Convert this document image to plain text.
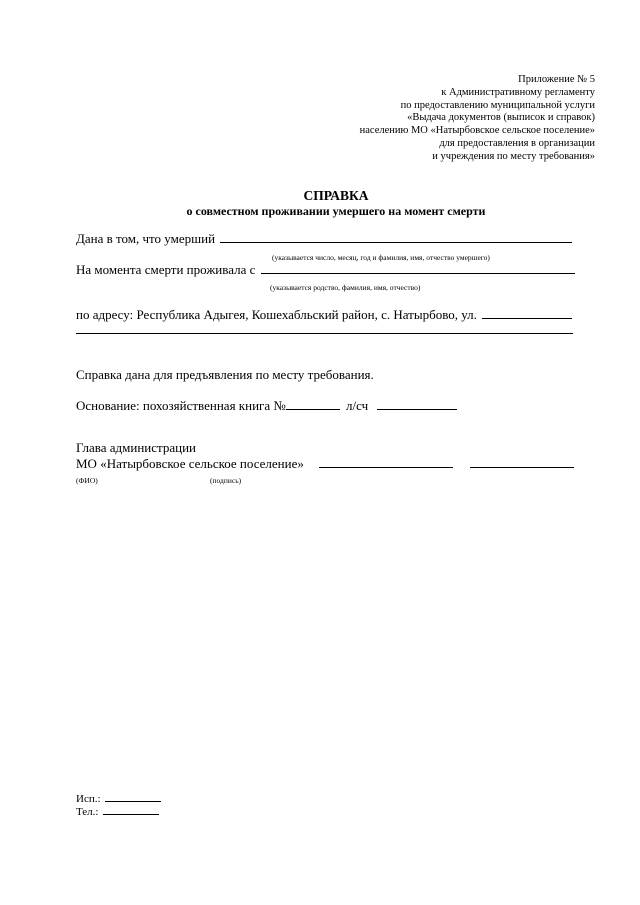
Приложение № 5
к Административному регламенту
по предоставлению муниципальной услуги
«Выдача документов (выписок и справок)
населению МО «Натырбовское сельское поселение»
для предоставления в организации
и учреждения по месту требования»
СПРАВКА
о совместном проживании умершего на момент смерти
Дана в том, что умерший
(указывается число, месяц, год и фамилия, имя, отчество умершего)
На момента смерти проживала с
(указывается родство, фамилия, имя, отчество)
по адресу: Республика Адыгея, Кошехабльский район, с. Натырбово, ул.
Справка дана для предъявления по месту требования.
Основание: похозяйственная книга №	л/сч
Глава администрации
МО «Натырбовское сельское поселение»
(ФИО)	(подпись)
Исп.:
Тел.:
